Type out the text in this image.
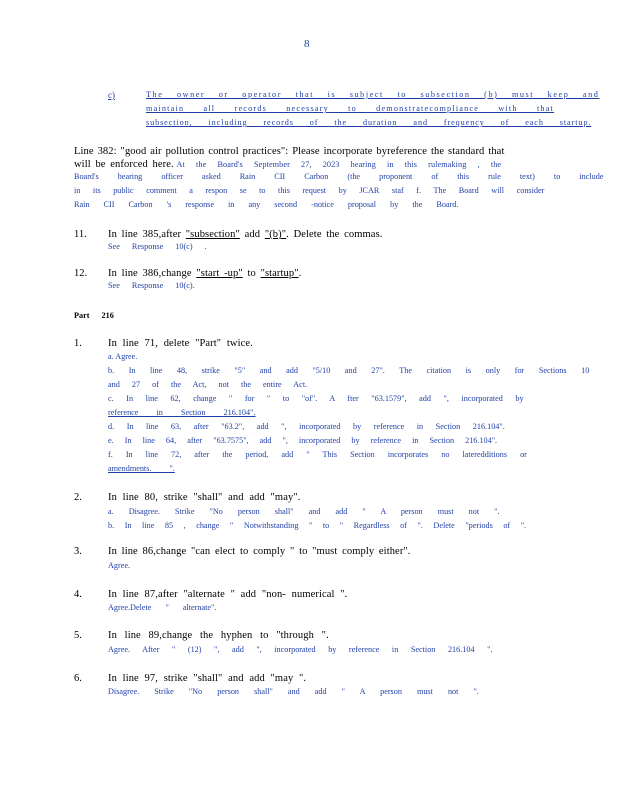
8
c)	The owner or operator that is subject to subsection (b) must keep and
maintain all records necessary to demonstratecompliance with that
subsection, including records of the duration and frequency of each startup.
Line 382: "good air pollution control practices": Please incorporate byreference the standard that
will be enforced here. At the Board's September 27, 2023 hearing in this rulemaking , the
Board's hearing officer asked Rain CII Carbon (the proponent of this rule text) to include
in its public comment a respon se to this request by JCAR staf f. The Board will consider
Rain CII Carbon 's response in any second -notice proposal by the Board.
11. In line 385,after "subsection" add "(b)". Delete the commas.
See Response 10(c) .
12. In line 386,change "start -up" to "startup".
See Response 10(c).
Part 216
1. In line 71, delete "Part" twice.
a. Agree.
b. In line 48, strike "5" and add "5/10 and 27". The citation is only for Sections 10
and 27 of the Act, not the entire Act.
c. In line 62, change " for " to "of". A fter "63.1579", add ", incorporated by
reference in Section 216.104".
d. In line 63, after "63.2", add ", incorporated by reference in Section 216.104".
e. In line 64, after "63.7575", add ", incorporated by reference in Section 216.104".
f. In line 72, after the period, add " This Section incorporates no lateredditions or
amendments. ".
2. In line 80, strike "shall" and add "may".
a. Disagree. Strike "No person shall" and add " A person must not ".
b. In line 85 , change " Notwithstanding " to " Regardless of ". Delete "periods of ".
3. In line 86,change "can elect to comply " to "must comply either".
Agree.
4. In line 87,after "alternate " add "non- numerical ".
Agree.Delete " alternate".
5. In line 89,change the hyphen to "through ".
Agree. After " (12) ", add ", incorporated by reference in Section 216.104 ".
6. In line 97, strike "shall" and add "may ".
Disagree. Strike "No person shall" and add " A person must not ".
